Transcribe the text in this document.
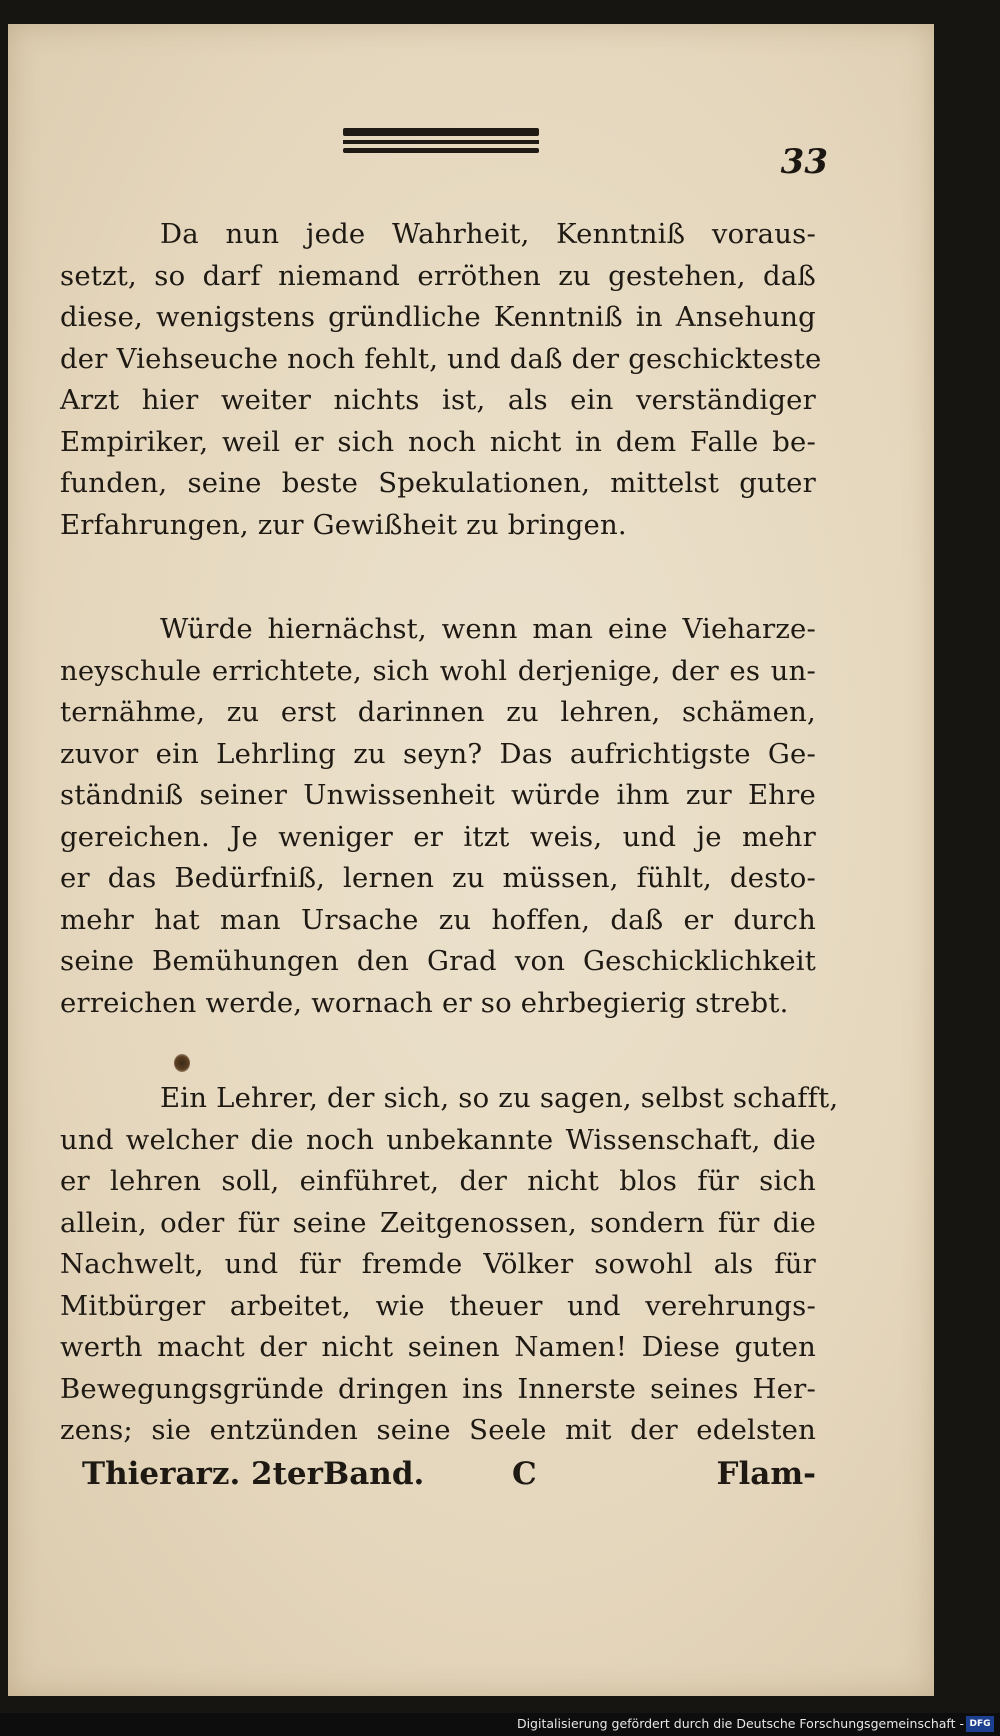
33
Da nun jede Wahrheit, Kenntniß voraus-
setzt, so darf niemand erröthen zu gestehen, daß
diese, wenigstens gründliche Kenntniß in Ansehung
der Viehseuche noch fehlt, und daß der geschickteste
Arzt hier weiter nichts ist, als ein verständiger
Empiriker, weil er sich noch nicht in dem Falle be-
funden, seine beste Spekulationen, mittelst guter
Erfahrungen, zur Gewißheit zu bringen.
Würde hiernächst, wenn man eine Vieharze-
neyschule errichtete, sich wohl derjenige, der es un-
ternähme, zu erst darinnen zu lehren, schämen,
zuvor ein Lehrling zu seyn? Das aufrichtigste Ge-
ständniß seiner Unwissenheit würde ihm zur Ehre
gereichen. Je weniger er itzt weis, und je mehr
er das Bedürfniß, lernen zu müssen, fühlt, desto-
mehr hat man Ursache zu hoffen, daß er durch
seine Bemühungen den Grad von Geschicklichkeit
erreichen werde, wornach er so ehrbegierig strebt.
Ein Lehrer, der sich, so zu sagen, selbst schafft,
und welcher die noch unbekannte Wissenschaft, die
er lehren soll, einführet, der nicht blos für sich
allein, oder für seine Zeitgenossen, sondern für die
Nachwelt, und für fremde Völker sowohl als für
Mitbürger arbeitet, wie theuer und verehrungs-
werth macht der nicht seinen Namen! Diese guten
Bewegungsgründe dringen ins Innerste seines Her-
zens; sie entzünden seine Seele mit der edelsten
Thierarz. 2terBand.	C	Flam-
Digitalisierung gefördert durch die Deutsche Forschungsgemeinschaft - DFG
